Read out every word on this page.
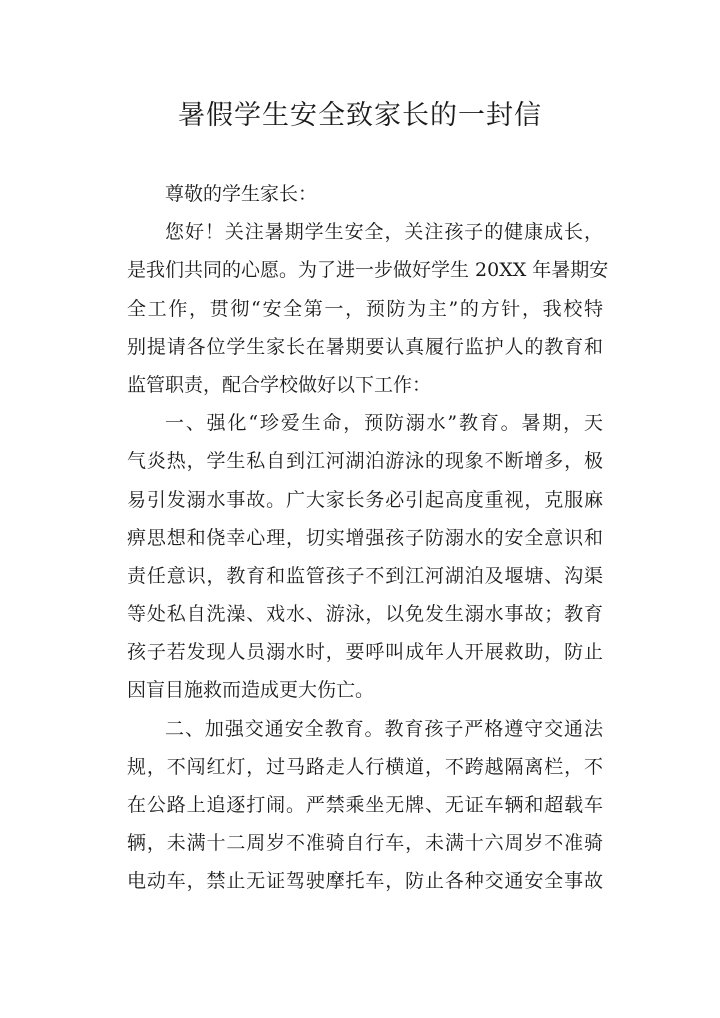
暑假学生安全致家长的一封信
尊敬的学生家长：
您好！关注暑期学生安全，关注孩子的健康成长，
是我们共同的心愿。为了进一步做好学生 20XX 年暑期安
全工作，贯彻“安全第一，预防为主”的方针，我校特
别提请各位学生家长在暑期要认真履行监护人的教育和
监管职责，配合学校做好以下工作：
一、强化“珍爱生命，预防溺水”教育。暑期，天
气炎热，学生私自到江河湖泊游泳的现象不断增多，极
易引发溺水事故。广大家长务必引起高度重视，克服麻
痹思想和侥幸心理，切实增强孩子防溺水的安全意识和
责任意识，教育和监管孩子不到江河湖泊及堰塘、沟渠
等处私自洗澡、戏水、游泳，以免发生溺水事故；教育
孩子若发现人员溺水时，要呼叫成年人开展救助，防止
因盲目施救而造成更大伤亡。
二、加强交通安全教育。教育孩子严格遵守交通法
规，不闯红灯，过马路走人行横道，不跨越隔离栏，不
在公路上追逐打闹。严禁乘坐无牌、无证车辆和超载车
辆，未满十二周岁不准骑自行车，未满十六周岁不准骑
电动车，禁止无证驾驶摩托车，防止各种交通安全事故
